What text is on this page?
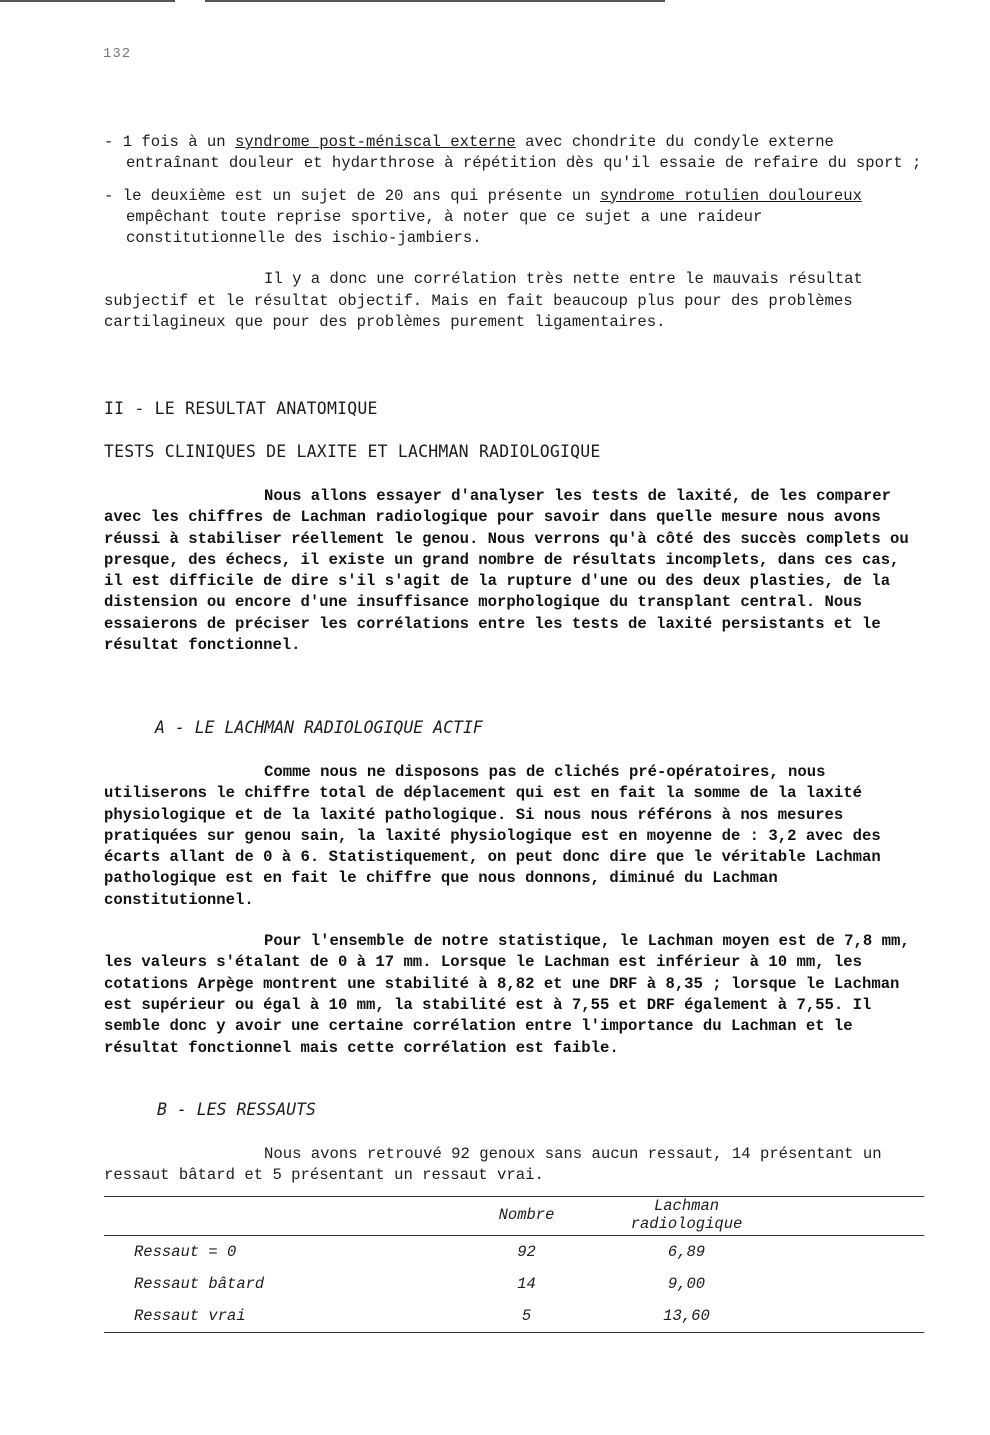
132

- 1 fois à un syndrome post-méniscal externe avec chondrite du condyle externe entraînant douleur et hydarthrose à répétition dès qu'il essaie de refaire du sport ;

- le deuxième est un sujet de 20 ans qui présente un syndrome rotulien douloureux empêchant toute reprise sportive, à noter que ce sujet a une raideur constitutionnelle des ischio-jambiers.

Il y a donc une corrélation très nette entre le mauvais résultat subjectif et le résultat objectif. Mais en fait beaucoup plus pour des problèmes cartilagineux que pour des problèmes purement ligamentaires.

II - LE RESULTAT ANATOMIQUE
TESTS CLINIQUES DE LAXITE ET LACHMAN RADIOLOGIQUE

Nous allons essayer d'analyser les tests de laxité, de les comparer avec les chiffres de Lachman radiologique pour savoir dans quelle mesure nous avons réussi à stabiliser réellement le genou. Nous verrons qu'à côté des succès complets ou presque, des échecs, il existe un grand nombre de résultats incomplets, dans ces cas, il est difficile de dire s'il s'agit de la rupture d'une ou des deux plasties, de la distension ou encore d'une insuffisance morphologique du transplant central. Nous essaierons de préciser les corrélations entre les tests de laxité persistants et le résultat fonctionnel.

A - LE LACHMAN RADIOLOGIQUE ACTIF

Comme nous ne disposons pas de clichés pré-opératoires, nous utiliserons le chiffre total de déplacement qui est en fait la somme de la laxité physiologique et de la laxité pathologique. Si nous nous référons à nos mesures pratiquées sur genou sain, la laxité physiologique est en moyenne de : 3,2 avec des écarts allant de 0 à 6. Statistiquement, on peut donc dire que le véritable Lachman pathologique est en fait le chiffre que nous donnons, diminué du Lachman constitutionnel.

Pour l'ensemble de notre statistique, le Lachman moyen est de 7,8 mm, les valeurs s'étalant de 0 à 17 mm. Lorsque le Lachman est inférieur à 10 mm, les cotations Arpège montrent une stabilité à 8,82 et une DRF à 8,35 ; lorsque le Lachman est supérieur ou égal à 10 mm, la stabilité est à 7,55 et DRF également à 7,55. Il semble donc y avoir une certaine corrélation entre l'importance du Lachman et le résultat fonctionnel mais cette corrélation est faible.

B - LES RESSAUTS

Nous avons retrouvé 92 genoux sans aucun ressaut, 14 présentant un ressaut bâtard et 5 présentant un ressaut vrai.

	Nombre	Lachman radiologique
Ressaut = 0	92	6,89
Ressaut bâtard	14	9,00
Ressaut vrai	5	13,60
